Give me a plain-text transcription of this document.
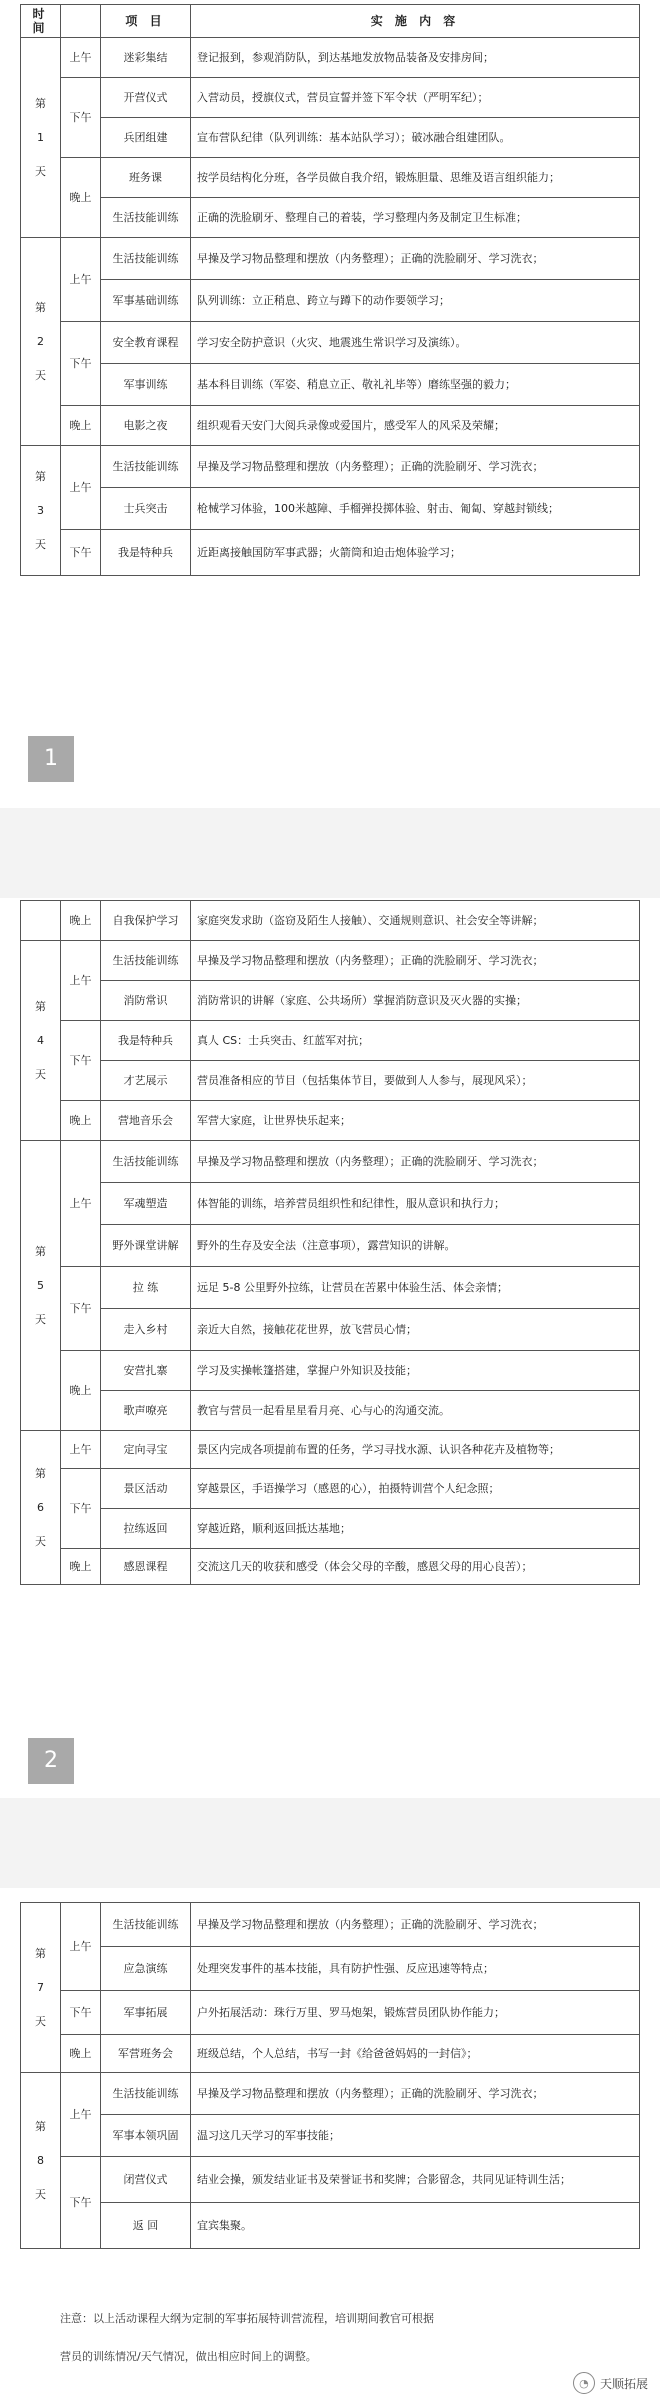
时 间		项 目	实 施 内 容

第
1
天	上午	迷彩集结	登记报到，参观消防队，到达基地发放物品装备及安排房间；
	下午	开营仪式	入营动员，授旗仪式，营员宣誓并签下军令状（严明军纪）；
		兵团组建	宣布营队纪律（队列训练：基本站队学习）；破冰融合组建团队。
	晚上	班务课	按学员结构化分班，各学员做自我介绍，锻炼胆量、思维及语言组织能力；
		生活技能训练	正确的洗脸刷牙、整理自己的着装，学习整理内务及制定卫生标准；

第
2
天	上午	生活技能训练	早操及学习物品整理和摆放（内务整理）；正确的洗脸刷牙、学习洗衣；
		军事基础训练	队列训练：立正稍息、跨立与蹲下的动作要领学习；
	下午	安全教育课程	学习安全防护意识（火灾、地震逃生常识学习及演练）。
		军事训练	基本科目训练（军姿、稍息立正、敬礼礼毕等）磨练坚强的毅力；
	晚上	电影之夜	组织观看天安门大阅兵录像或爱国片，感受军人的风采及荣耀；

第
3
天	上午	生活技能训练	早操及学习物品整理和摆放（内务整理）；正确的洗脸刷牙、学习洗衣；
		士兵突击	枪械学习体验，100米越障、手榴弹投掷体验、射击、匍匐、穿越封锁线；
	下午	我是特种兵	近距离接触国防军事武器；火箭筒和迫击炮体验学习；
1
	晚上	自我保护学习	家庭突发求助（盗窃及陌生人接触）、交通规则意识、社会安全等讲解；

第
4
天	上午	生活技能训练	早操及学习物品整理和摆放（内务整理）；正确的洗脸刷牙、学习洗衣；
		消防常识	消防常识的讲解（家庭、公共场所）掌握消防意识及灭火器的实操；
	下午	我是特种兵	真人 CS：士兵突击、红蓝军对抗；
		才艺展示	营员准备相应的节目（包括集体节目，要做到人人参与，展现风采）；
	晚上	营地音乐会	军营大家庭，让世界快乐起来；

第
5
天	上午	生活技能训练	早操及学习物品整理和摆放（内务整理）；正确的洗脸刷牙、学习洗衣；
		军魂塑造	体智能的训练，培养营员组织性和纪律性，服从意识和执行力；
		野外课堂讲解	野外的生存及安全法（注意事项），露营知识的讲解。
	下午	拉 练	远足 5-8 公里野外拉练，让营员在苦累中体验生活、体会亲情；
		走入乡村	亲近大自然，接触花花世界，放飞营员心情；
	晚上	安营扎寨	学习及实操帐篷搭建，掌握户外知识及技能；
		歌声嘹亮	教官与营员一起看星星看月亮、心与心的沟通交流。

第
6
天	上午	定向寻宝	景区内完成各项提前布置的任务，学习寻找水源、认识各种花卉及植物等；
	下午	景区活动	穿越景区，手语操学习（感恩的心），拍摄特训营个人纪念照；
		拉练返回	穿越近路，顺利返回抵达基地；
	晚上	感恩课程	交流这几天的收获和感受（体会父母的辛酸，感恩父母的用心良苦）；
2
第
7
天	上午	生活技能训练	早操及学习物品整理和摆放（内务整理）；正确的洗脸刷牙、学习洗衣；
		应急演练	处理突发事件的基本技能，具有防护性强、反应迅速等特点；
	下午	军事拓展	户外拓展活动：珠行万里、罗马炮架，锻炼营员团队协作能力；
	晚上	军营班务会	班级总结，个人总结，书写一封《给爸爸妈妈的一封信》；

第
8
天	上午	生活技能训练	早操及学习物品整理和摆放（内务整理）；正确的洗脸刷牙、学习洗衣；
		军事本领巩固	温习这几天学习的军事技能；
	下午	闭营仪式	结业会操，颁发结业证书及荣誉证书和奖牌；合影留念，共同见证特训生活；
		返 回	宜宾集聚。
注意：以上活动课程大纲为定制的军事拓展特训营流程，培训期间教官可根据
营员的训练情况/天气情况，做出相应时间上的调整。
◔ 天顺拓展
